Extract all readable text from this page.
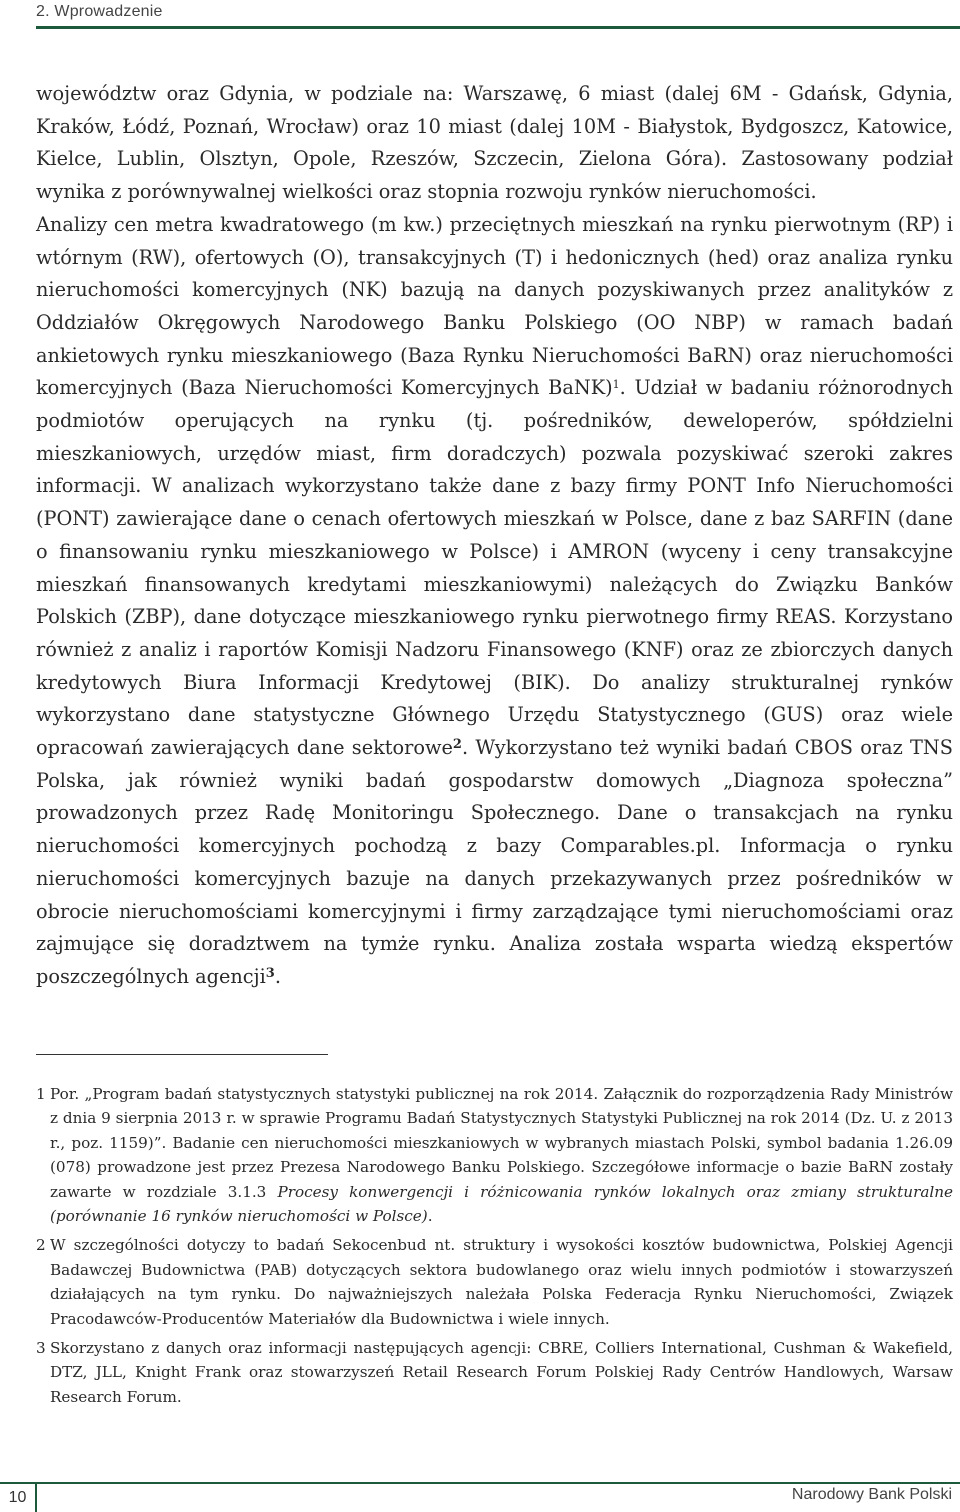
2. Wprowadzenie

województw oraz Gdynia, w podziale na: Warszawę, 6 miast (dalej 6M - Gdańsk, Gdynia, Kraków, Łódź, Poznań, Wrocław) oraz 10 miast (dalej 10M - Białystok, Bydgoszcz, Katowice, Kielce, Lublin, Olsztyn, Opole, Rzeszów, Szczecin, Zielona Góra). Zastosowany podział wynika z porównywalnej wielkości oraz stopnia rozwoju rynków nieruchomości.

Analizy cen metra kwadratowego (m kw.) przeciętnych mieszkań na rynku pierwotnym (RP) i wtórnym (RW), ofertowych (O), transakcyjnych (T) i hedonicznych (hed) oraz analiza rynku nieruchomości komercyjnych (NK) bazują na danych pozyskiwanych przez analityków z Oddziałów Okręgowych Narodowego Banku Polskiego (OO NBP) w ramach badań ankietowych rynku mieszkaniowego (Baza Rynku Nieruchomości BaRN) oraz nieruchomości komercyjnych (Baza Nieruchomości Komercyjnych BaNK)$^1$. Udział w badaniu różnorodnych podmiotów operujących na rynku (tj. pośredników, deweloperów, spółdzielni mieszkaniowych, urzędów miast, firm doradczych) pozwala pozyskiwać szeroki zakres informacji. W analizach wykorzystano także dane z bazy firmy PONT Info Nieruchomości (PONT) zawierające dane o cenach ofertowych mieszkań w Polsce, dane z baz SARFIN (dane o finansowaniu rynku mieszkaniowego w Polsce) i AMRON (wyceny i ceny transakcyjne mieszkań finansowanych kredytami mieszkaniowymi) należących do Związku Banków Polskich (ZBP), dane dotyczące mieszkaniowego rynku pierwotnego firmy REAS. Korzystano również z analiz i raportów Komisji Nadzoru Finansowego (KNF) oraz ze zbiorczych danych kredytowych Biura Informacji Kredytowej (BIK). Do analizy strukturalnej rynków wykorzystano dane statystyczne Głównego Urzędu Statystycznego (GUS) oraz wiele opracowań zawierających dane sektorowe$^2$. Wykorzystano też wyniki badań CBOS oraz TNS Polska, jak również wyniki badań gospodarstw domowych „Diagnoza społeczna” prowadzonych przez Radę Monitoringu Społecznego. Dane o transakcjach na rynku nieruchomości komercyjnych pochodzą z bazy Comparables.pl. Informacja o rynku nieruchomości komercyjnych bazuje na danych przekazywanych przez pośredników w obrocie nieruchomościami komercyjnymi i firmy zarządzające tymi nieruchomościami oraz zajmujące się doradztwem na tymże rynku. Analiza została wsparta wiedzą ekspertów poszczególnych agencji$^3$.

1 Por. „Program badań statystycznych statystyki publicznej na rok 2014. Załącznik do rozporządzenia Rady Ministrów z dnia 9 sierpnia 2013 r. w sprawie Programu Badań Statystycznych Statystyki Publicznej na rok 2014 (Dz. U. z 2013 r., poz. 1159)”. Badanie cen nieruchomości mieszkaniowych w wybranych miastach Polski, symbol badania 1.26.09 (078) prowadzone jest przez Prezesa Narodowego Banku Polskiego. Szczegółowe informacje o bazie BaRN zostały zawarte w rozdziale 3.1.3 Procesy konwergencji i różnicowania rynków lokalnych oraz zmiany strukturalne (porównanie 16 rynków nieruchomości w Polsce).
2 W szczególności dotyczy to badań Sekocenbud nt. struktury i wysokości kosztów budownictwa, Polskiej Agencji Badawczej Budownictwa (PAB) dotyczących sektora budowlanego oraz wielu innych podmiotów i stowarzyszeń działających na tym rynku. Do najważniejszych należała Polska Federacja Rynku Nieruchomości, Związek Pracodawców-Producentów Materiałów dla Budownictwa i wiele innych.
3 Skorzystano z danych oraz informacji następujących agencji: CBRE, Colliers International, Cushman & Wakefield, DTZ, JLL, Knight Frank oraz stowarzyszeń Retail Research Forum Polskiej Rady Centrów Handlowych, Warsaw Research Forum.
10	Narodowy Bank Polski
